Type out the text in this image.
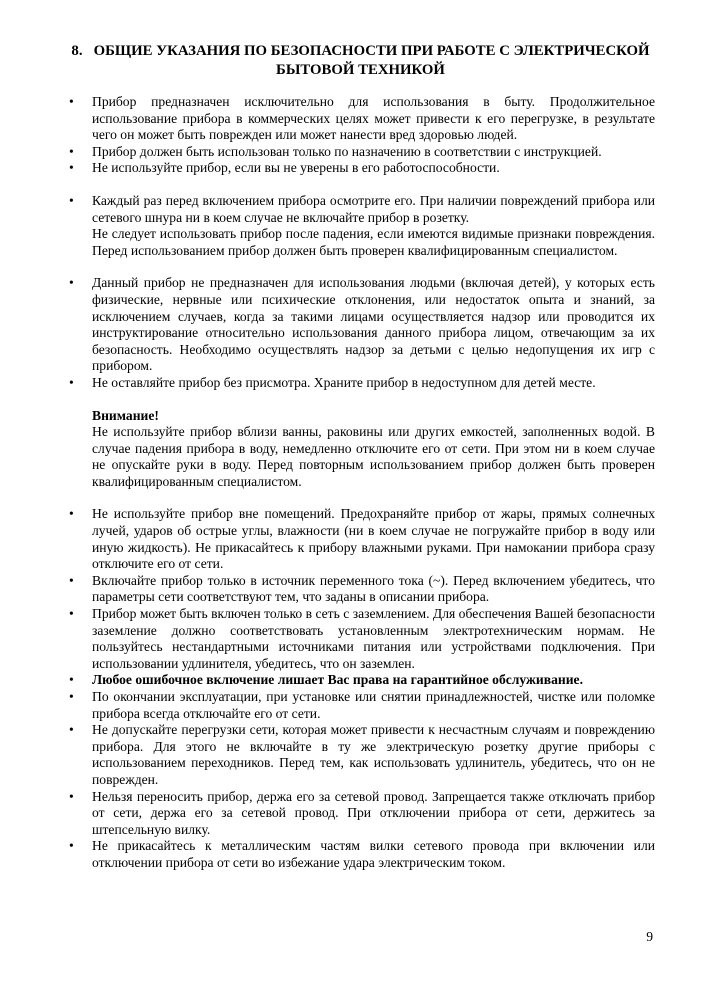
8.   ОБЩИЕ УКАЗАНИЯ ПО БЕЗОПАСНОСТИ ПРИ РАБОТЕ С ЭЛЕКТРИЧЕСКОЙ
БЫТОВОЙ ТЕХНИКОЙ
•	Прибор предназначен исключительно для использования в быту. Продолжительное использование прибора в коммерческих целях может привести к его перегрузке, в результате чего он может быть поврежден или может нанести вред здоровью людей.
•	Прибор должен быть использован только по назначению в соответствии с инструкцией.
•	Не используйте прибор, если вы не уверены в его работоспособности.
•	Каждый раз перед включением прибора осмотрите его. При наличии повреждений прибора или сетевого шнура ни в коем случае не включайте прибор в розетку.
Не следует использовать прибор после падения, если имеются видимые признаки повреждения. Перед использованием прибор должен быть проверен квалифицированным специалистом.
•	Данный прибор не предназначен для использования людьми (включая детей), у которых есть физические, нервные или психические отклонения, или недостаток опыта и знаний, за исключением случаев, когда за такими лицами осуществляется надзор или проводится их инструктирование относительно использования данного прибора лицом, отвечающим за их безопасность. Необходимо осуществлять надзор за детьми с целью недопущения их игр с прибором.
•	Не оставляйте прибор без присмотра. Храните прибор в недоступном для детей месте.
Внимание!
Не используйте прибор вблизи ванны, раковины или других емкостей, заполненных водой. В случае падения прибора в воду, немедленно отключите его от сети. При этом ни в коем случае не опускайте руки в воду. Перед повторным использованием прибор должен быть проверен квалифицированным специалистом.
•	Не используйте прибор вне помещений. Предохраняйте прибор от жары, прямых солнечных лучей, ударов об острые углы, влажности (ни в коем случае не погружайте прибор в воду или иную жидкость). Не прикасайтесь к прибору влажными руками. При намокании прибора сразу отключите его от сети.
•	Включайте прибор только в источник переменного тока (~). Перед включением убедитесь, что параметры сети соответствуют тем, что заданы в описании прибора.
•	Прибор может быть включен только в сеть с заземлением. Для обеспечения Вашей безопасности заземление должно соответствовать установленным электротехническим нормам. Не пользуйтесь нестандартными источниками питания или устройствами подключения. При использовании удлинителя, убедитесь, что он заземлен.
•	Любое ошибочное включение лишает Вас права на гарантийное обслуживание.
•	По окончании эксплуатации, при установке или снятии принадлежностей, чистке или поломке прибора всегда отключайте его от сети.
•	Не допускайте перегрузки сети, которая может привести к несчастным случаям и повреждению прибора. Для этого не включайте в ту же электрическую розетку другие приборы с использованием переходников. Перед тем, как использовать удлинитель, убедитесь, что он не поврежден.
•	Нельзя переносить прибор, держа его за сетевой провод. Запрещается также отключать прибор от сети, держа его за сетевой провод. При отключении прибора от сети, держитесь за штепсельную вилку.
•	Не прикасайтесь к металлическим частям вилки сетевого провода при включении или отключении прибора от сети во избежание удара электрическим током.
9
